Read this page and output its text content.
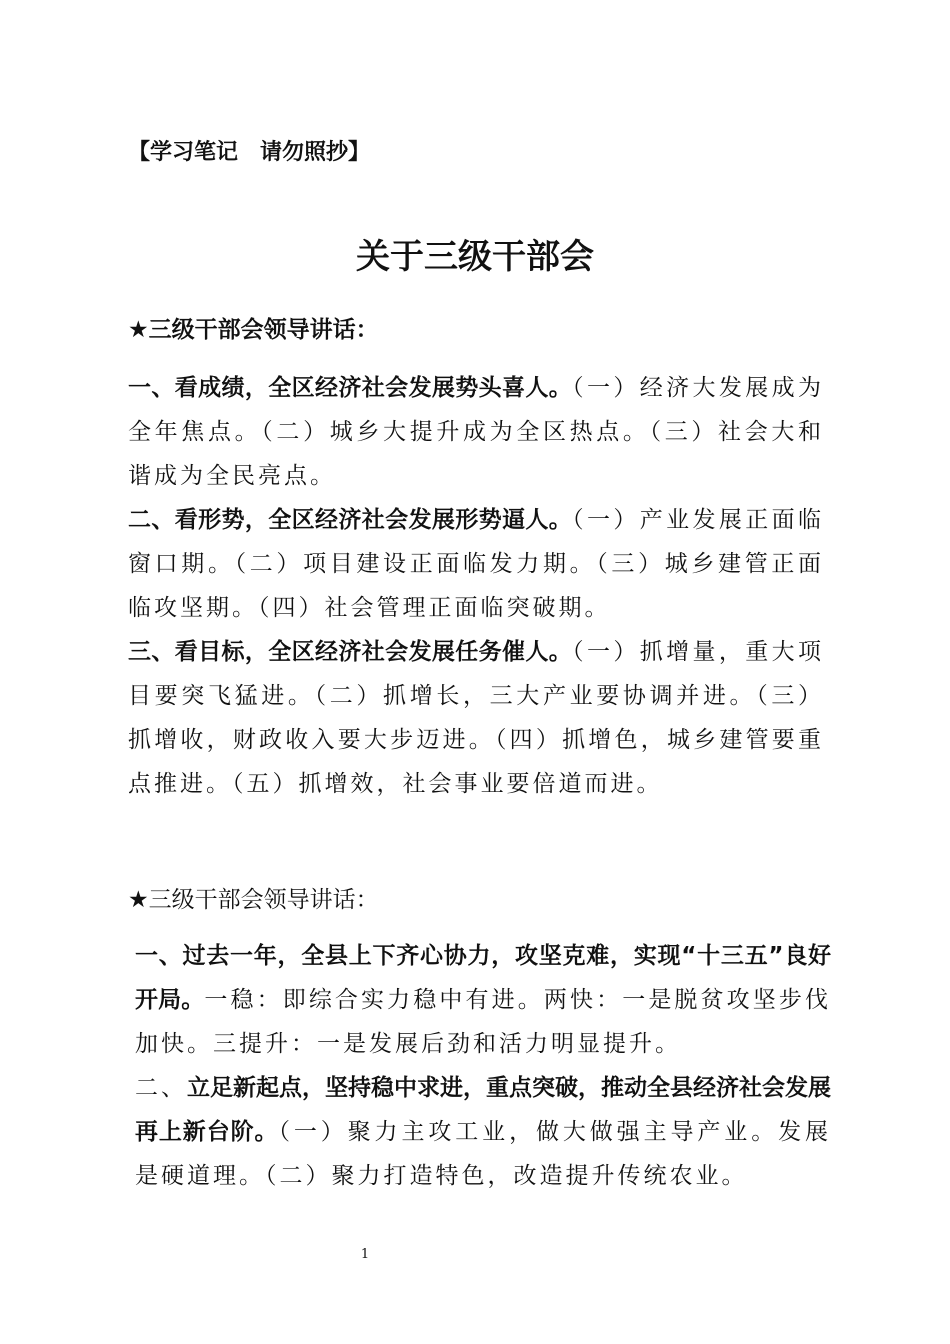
【学习笔记　请勿照抄】
关于三级干部会
★三级干部会领导讲话：

一、看成绩，全区经济社会发展势头喜人。（一）经济大发展成为全年焦点。（二）城乡大提升成为全区热点。（三）社会大和谐成为全民亮点。

二、看形势，全区经济社会发展形势逼人。（一）产业发展正面临窗口期。（二）项目建设正面临发力期。（三）城乡建管正面临攻坚期。（四）社会管理正面临突破期。

三、看目标，全区经济社会发展任务催人。（一）抓增量，重大项目要突飞猛进。（二）抓增长，三大产业要协调并进。（三）抓增收，财政收入要大步迈进。（四）抓增色，城乡建管要重点推进。（五）抓增效，社会事业要倍道而进。

★三级干部会领导讲话：

一、过去一年，全县上下齐心协力，攻坚克难，实现“十三五”良好开局。一稳：即综合实力稳中有进。两快：一是脱贫攻坚步伐加快。三提升：一是发展后劲和活力明显提升。

二、立足新起点，坚持稳中求进，重点突破，推动全县经济社会发展再上新台阶。（一）聚力主攻工业，做大做强主导产业。发展是硬道理。（二）聚力打造特色，改造提升传统农业。

1
